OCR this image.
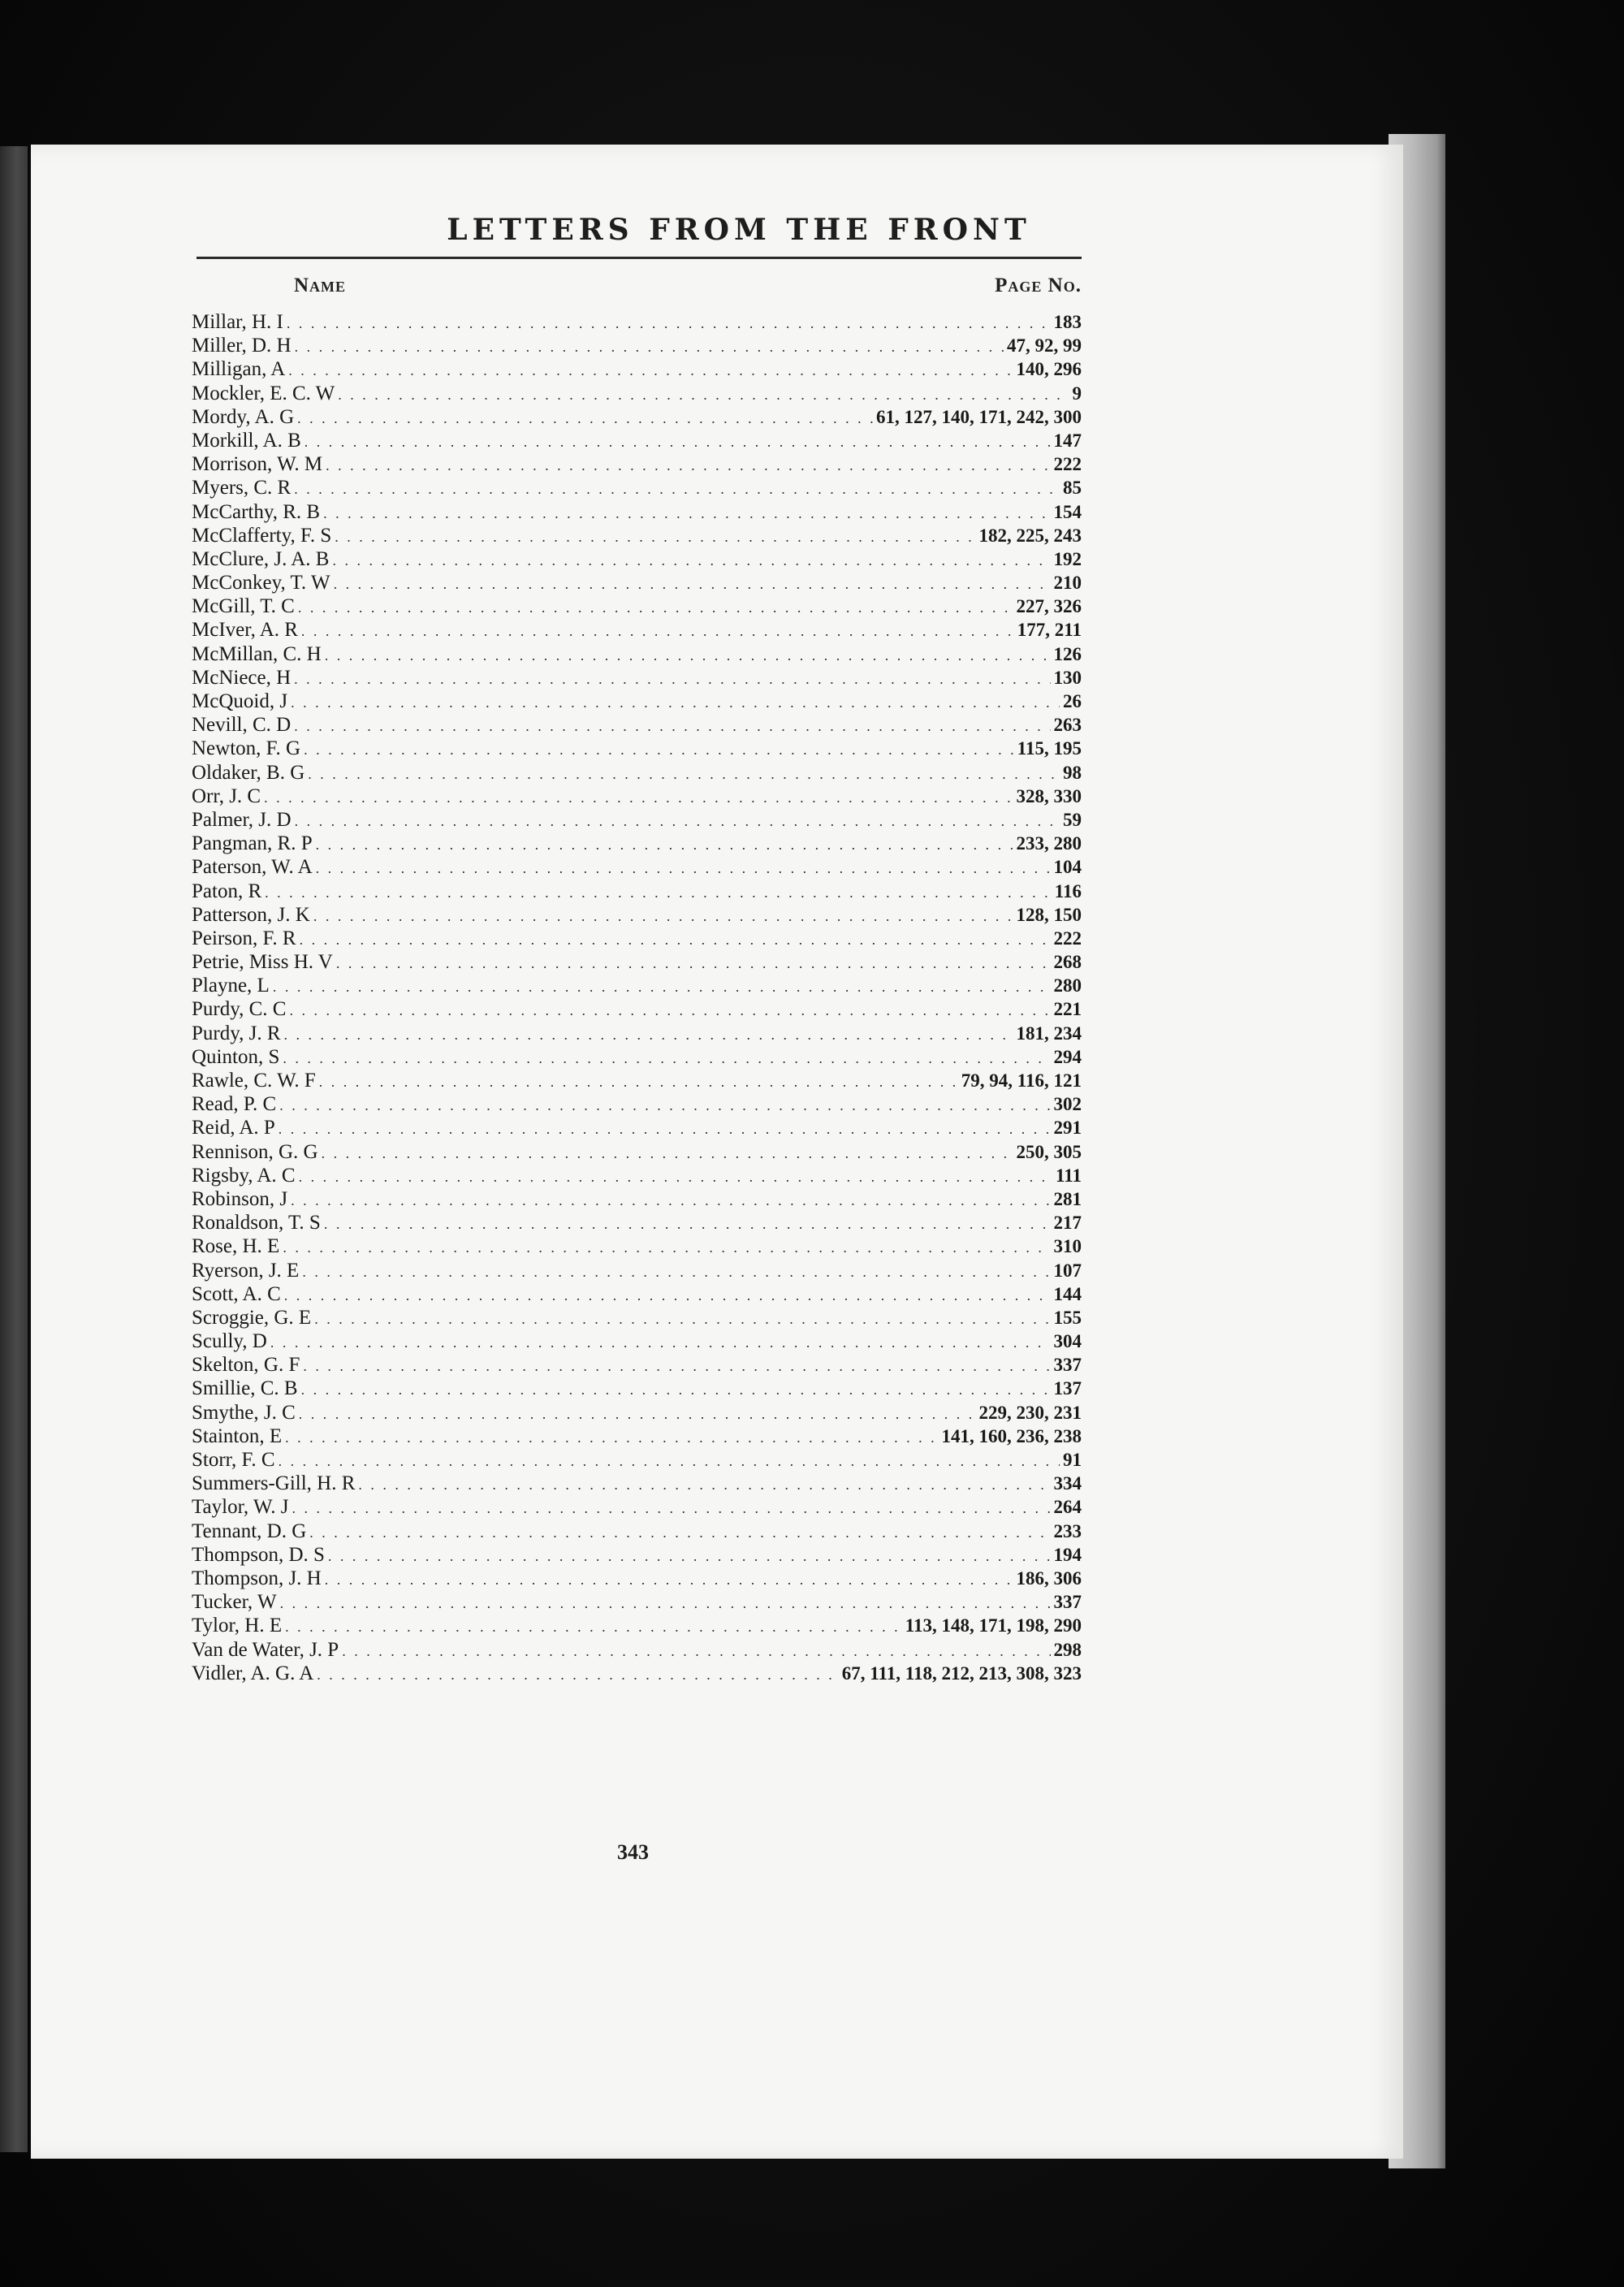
LETTERS FROM THE FRONT
Name	Page No.
Millar, H. I . . .	183
Miller, D. H . . .	47, 92, 99
Milligan, A . . .	140, 296
Mockler, E. C. W . . .	9
Mordy, A. G . . .	61, 127, 140, 171, 242, 300
Morkill, A. B . . .	147
Morrison, W. M . . .	222
Myers, C. R . . .	85
McCarthy, R. B . . .	154
McClafferty, F. S . . .	182, 225, 243
McClure, J. A. B . . .	192
McConkey, T. W . . .	210
McGill, T. C . . .	227, 326
McIver, A. R . . .	177, 211
McMillan, C. H . . .	126
McNiece, H . . .	130
McQuoid, J . . .	26
Nevill, C. D . . .	263
Newton, F. G . . .	115, 195
Oldaker, B. G . . .	98
Orr, J. C . . .	328, 330
Palmer, J. D . . .	59
Pangman, R. P . . .	233, 280
Paterson, W. A . . .	104
Paton, R . . .	116
Patterson, J. K . . .	128, 150
Peirson, F. R . . .	222
Petrie, Miss H. V . . .	268
Playne, L . . .	280
Purdy, C. C . . .	221
Purdy, J. R . . .	181, 234
Quinton, S . . .	294
Rawle, C. W. F . . .	79, 94, 116, 121
Read, P. C . . .	302
Reid, A. P . . .	291
Rennison, G. G . . .	250, 305
Rigsby, A. C . . .	111
Robinson, J . . .	281
Ronaldson, T. S . . .	217
Rose, H. E . . .	310
Ryerson, J. E . . .	107
Scott, A. C . . .	144
Scroggie, G. E . . .	155
Scully, D . . .	304
Skelton, G. F . . .	337
Smillie, C. B . . .	137
Smythe, J. C . . .	229, 230, 231
Stainton, E . . .	141, 160, 236, 238
Storr, F. C . . .	91
Summers-Gill, H. R . . .	334
Taylor, W. J . . .	264
Tennant, D. G . . .	233
Thompson, D. S . . .	194
Thompson, J. H . . .	186, 306
Tucker, W . . .	337
Tylor, H. E . . .	113, 148, 171, 198, 290
Van de Water, J. P . . .	298
Vidler, A. G. A . . .	67, 111, 118, 212, 213, 308, 323
343
